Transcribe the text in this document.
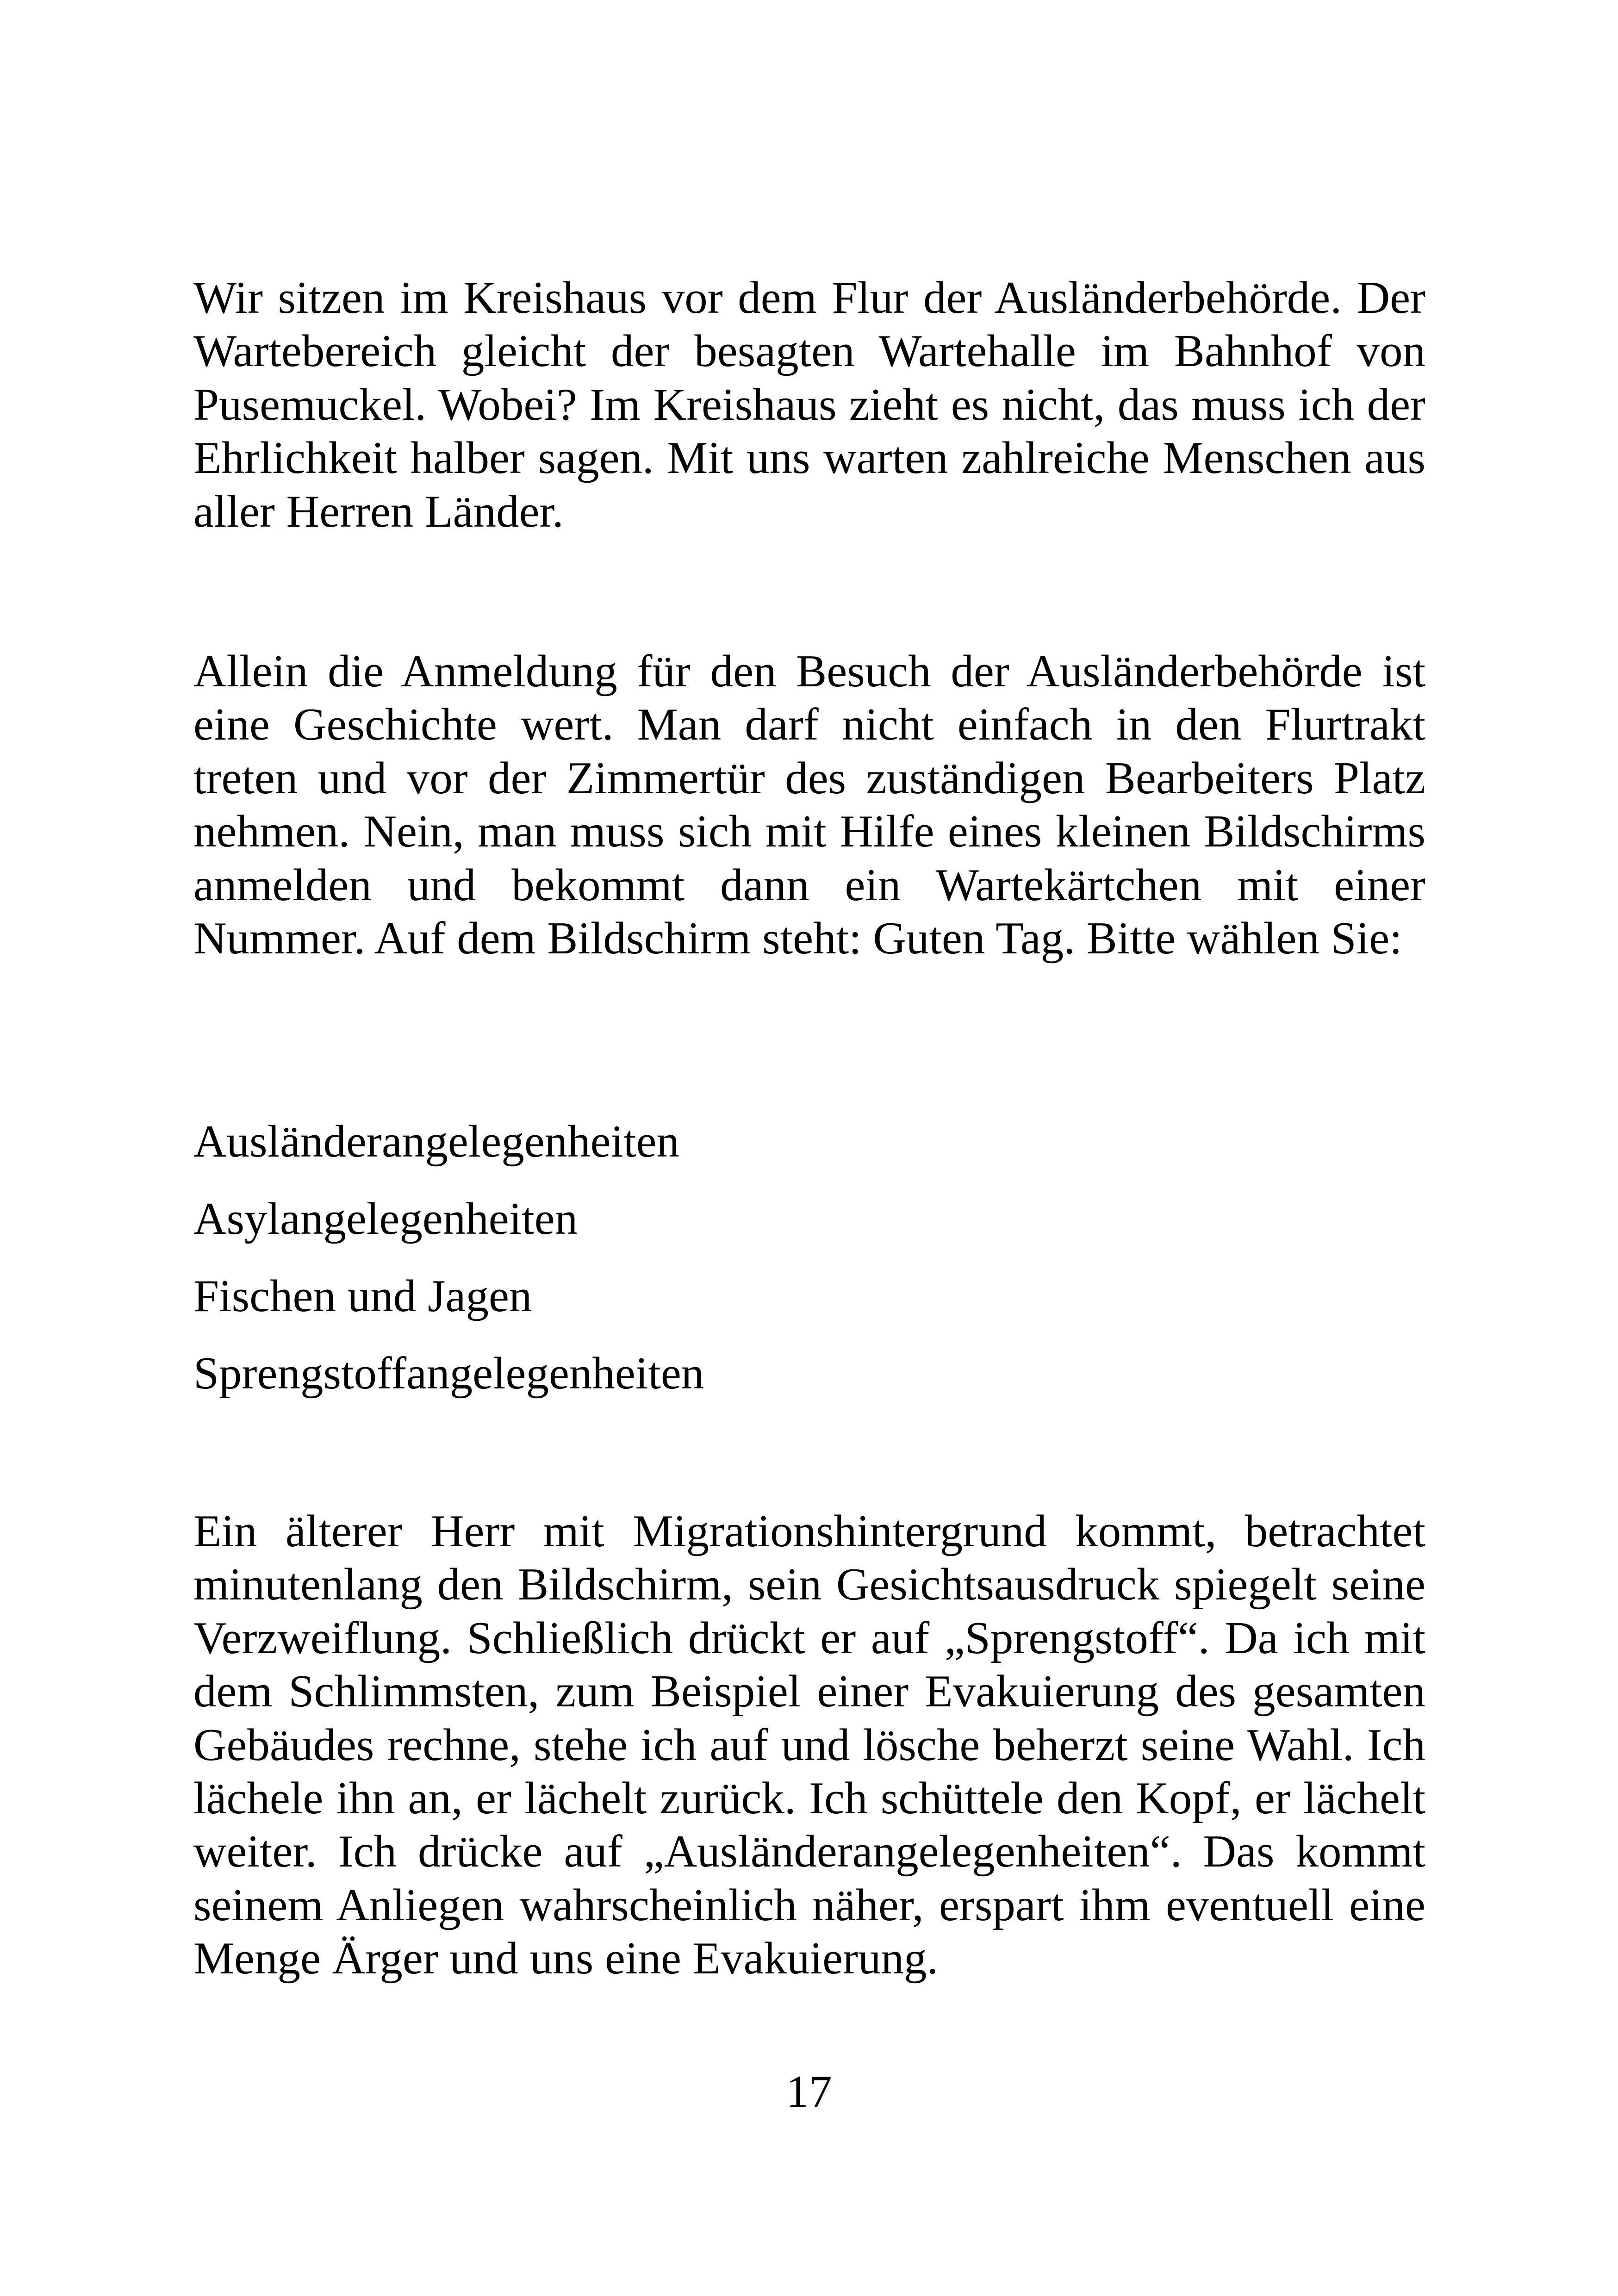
Wir sitzen im Kreishaus vor dem Flur der Ausländerbehörde. Der Wartebereich gleicht der besagten Wartehalle im Bahnhof von Pusemuckel. Wobei? Im Kreishaus zieht es nicht, das muss ich der Ehrlichkeit halber sagen. Mit uns warten zahlreiche Menschen aus aller Herren Länder.

Allein die Anmeldung für den Besuch der Ausländerbehörde ist eine Geschichte wert. Man darf nicht einfach in den Flurtrakt treten und vor der Zimmertür des zuständigen Bearbeiters Platz nehmen. Nein, man muss sich mit Hilfe eines kleinen Bildschirms anmelden und bekommt dann ein Wartekärtchen mit einer Nummer. Auf dem Bildschirm steht: Guten Tag. Bitte wählen Sie:

Ausländerangelegenheiten
Asylangelegenheiten
Fischen und Jagen
Sprengstoffangelegenheiten

Ein älterer Herr mit Migrationshintergrund kommt, betrachtet minutenlang den Bildschirm, sein Gesichtsausdruck spiegelt seine Verzweiflung. Schließlich drückt er auf „Sprengstoff“. Da ich mit dem Schlimmsten, zum Beispiel einer Evakuierung des gesamten Gebäudes rechne, stehe ich auf und lösche beherzt seine Wahl. Ich lächele ihn an, er lächelt zurück. Ich schüttele den Kopf, er lächelt weiter. Ich drücke auf „Ausländerangelegenheiten“. Das kommt seinem Anliegen wahrscheinlich näher, erspart ihm eventuell eine Menge Ärger und uns eine Evakuierung.

17
